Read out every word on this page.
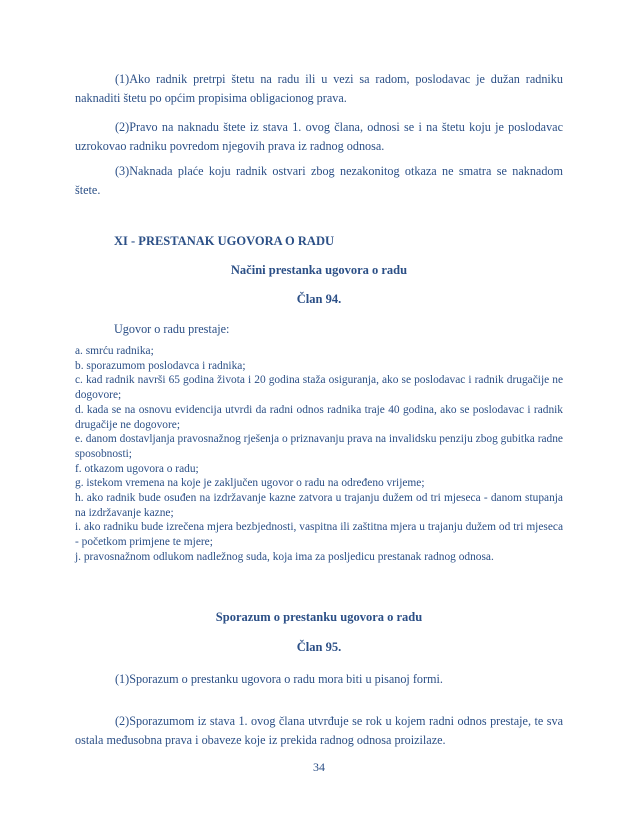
(1)Ako radnik pretrpi štetu na radu ili u vezi sa radom, poslodavac je dužan radniku naknaditi štetu po općim propisima obligacionog prava.

(2)Pravo na naknadu štete iz stava 1. ovog člana, odnosi se i na štetu koju je poslodavac uzrokovao radniku povredom njegovih prava iz radnog odnosa.

(3)Naknada plaće koju radnik ostvari zbog nezakonitog otkaza ne smatra se naknadom štete.

XI - PRESTANAK UGOVORA O RADU

Načini prestanka ugovora o radu

Član 94.

Ugovor o radu prestaje:

a. smrću radnika;
b. sporazumom poslodavca i radnika;
c. kad radnik navrši 65 godina života i 20 godina staža osiguranja, ako se poslodavac i radnik drugačije ne dogovore;
d. kada se na osnovu evidencija utvrdi da radni odnos radnika traje 40 godina, ako se poslodavac i radnik drugačije ne dogovore;
e. danom dostavljanja pravosnažnog rješenja o priznavanju prava na invalidsku penziju zbog gubitka radne sposobnosti;
f. otkazom ugovora o radu;
g. istekom vremena na koje je zaključen ugovor o radu na određeno vrijeme;
h. ako radnik bude osuđen na izdržavanje kazne zatvora u trajanju dužem od tri mjeseca - danom stupanja na izdržavanje kazne;
i. ako radniku bude izrečena mjera bezbjednosti, vaspitna ili zaštitna mjera u trajanju dužem od tri mjeseca - početkom primjene te mjere;
j. pravosnažnom odlukom nadležnog suda, koja ima za posljedicu prestanak radnog odnosa.

Sporazum o prestanku ugovora o radu

Član 95.

(1)Sporazum o prestanku ugovora o radu mora biti u pisanoj formi.

(2)Sporazumom iz stava 1. ovog člana utvrđuje se rok u kojem radni odnos prestaje, te sva ostala međusobna prava i obaveze koje iz prekida radnog odnosa proizilaze.

34
